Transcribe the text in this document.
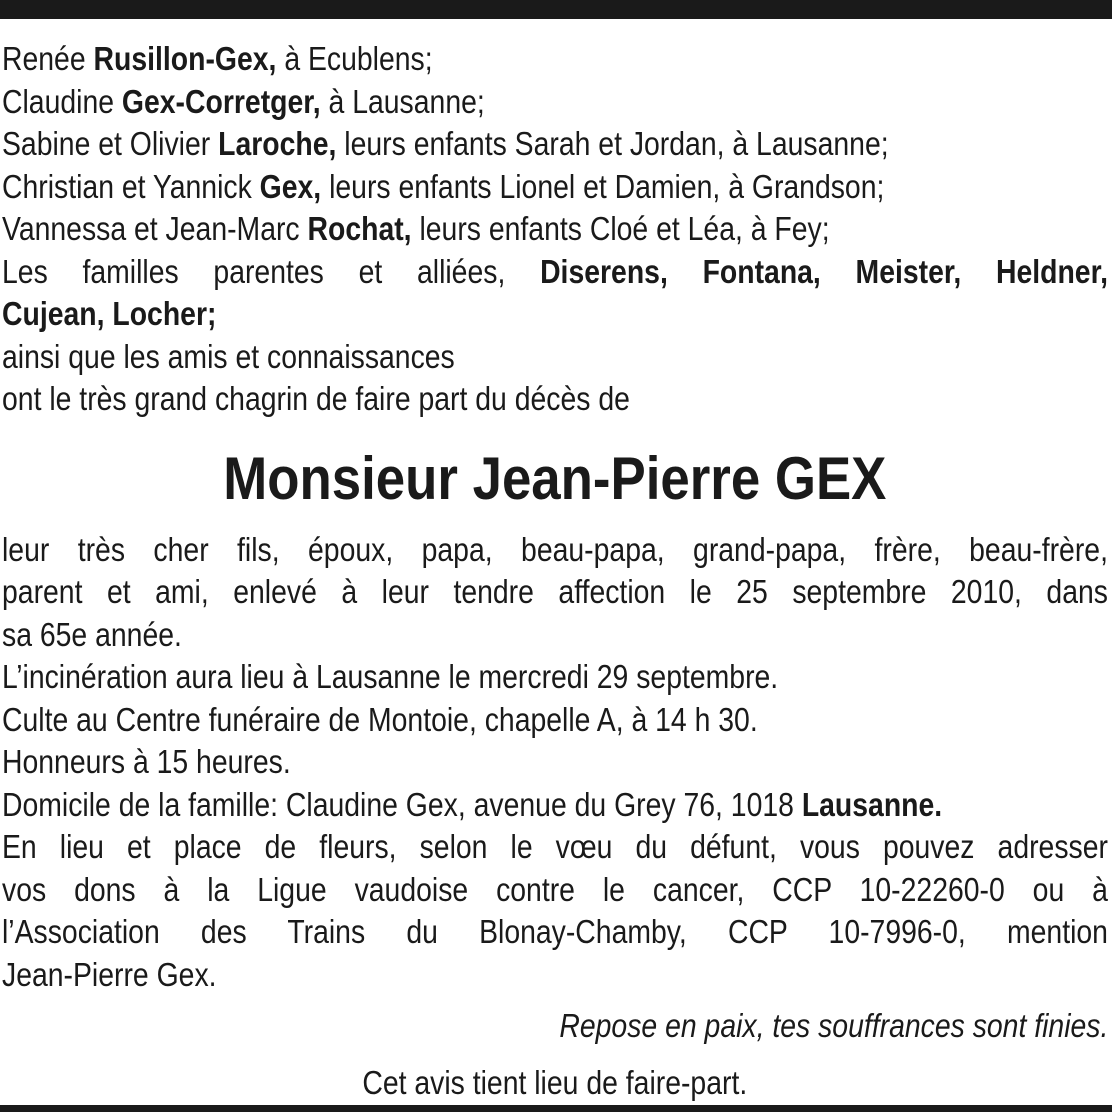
Renée Rusillon-Gex, à Ecublens;
Claudine Gex-Corretger, à Lausanne;
Sabine et Olivier Laroche, leurs enfants Sarah et Jordan, à Lausanne;
Christian et Yannick Gex, leurs enfants Lionel et Damien, à Grandson;
Vannessa et Jean-Marc Rochat, leurs enfants Cloé et Léa, à Fey;
Les familles parentes et alliées, Diserens, Fontana, Meister, Heldner,
Cujean, Locher;
ainsi que les amis et connaissances
ont le très grand chagrin de faire part du décès de
Monsieur Jean-Pierre GEX
leur très cher fils, époux, papa, beau-papa, grand-papa, frère, beau-frère,
parent et ami, enlevé à leur tendre affection le 25 septembre 2010, dans
sa 65e année.
L’incinération aura lieu à Lausanne le mercredi 29 septembre.
Culte au Centre funéraire de Montoie, chapelle A, à 14 h 30.
Honneurs à 15 heures.
Domicile de la famille: Claudine Gex, avenue du Grey 76, 1018 Lausanne.
En lieu et place de fleurs, selon le vœu du défunt, vous pouvez adresser
vos dons à la Ligue vaudoise contre le cancer, CCP 10-22260-0 ou à
l’Association des Trains du Blonay-Chamby, CCP 10-7996-0, mention
Jean-Pierre Gex.
Repose en paix, tes souffrances sont finies.
Cet avis tient lieu de faire-part.
